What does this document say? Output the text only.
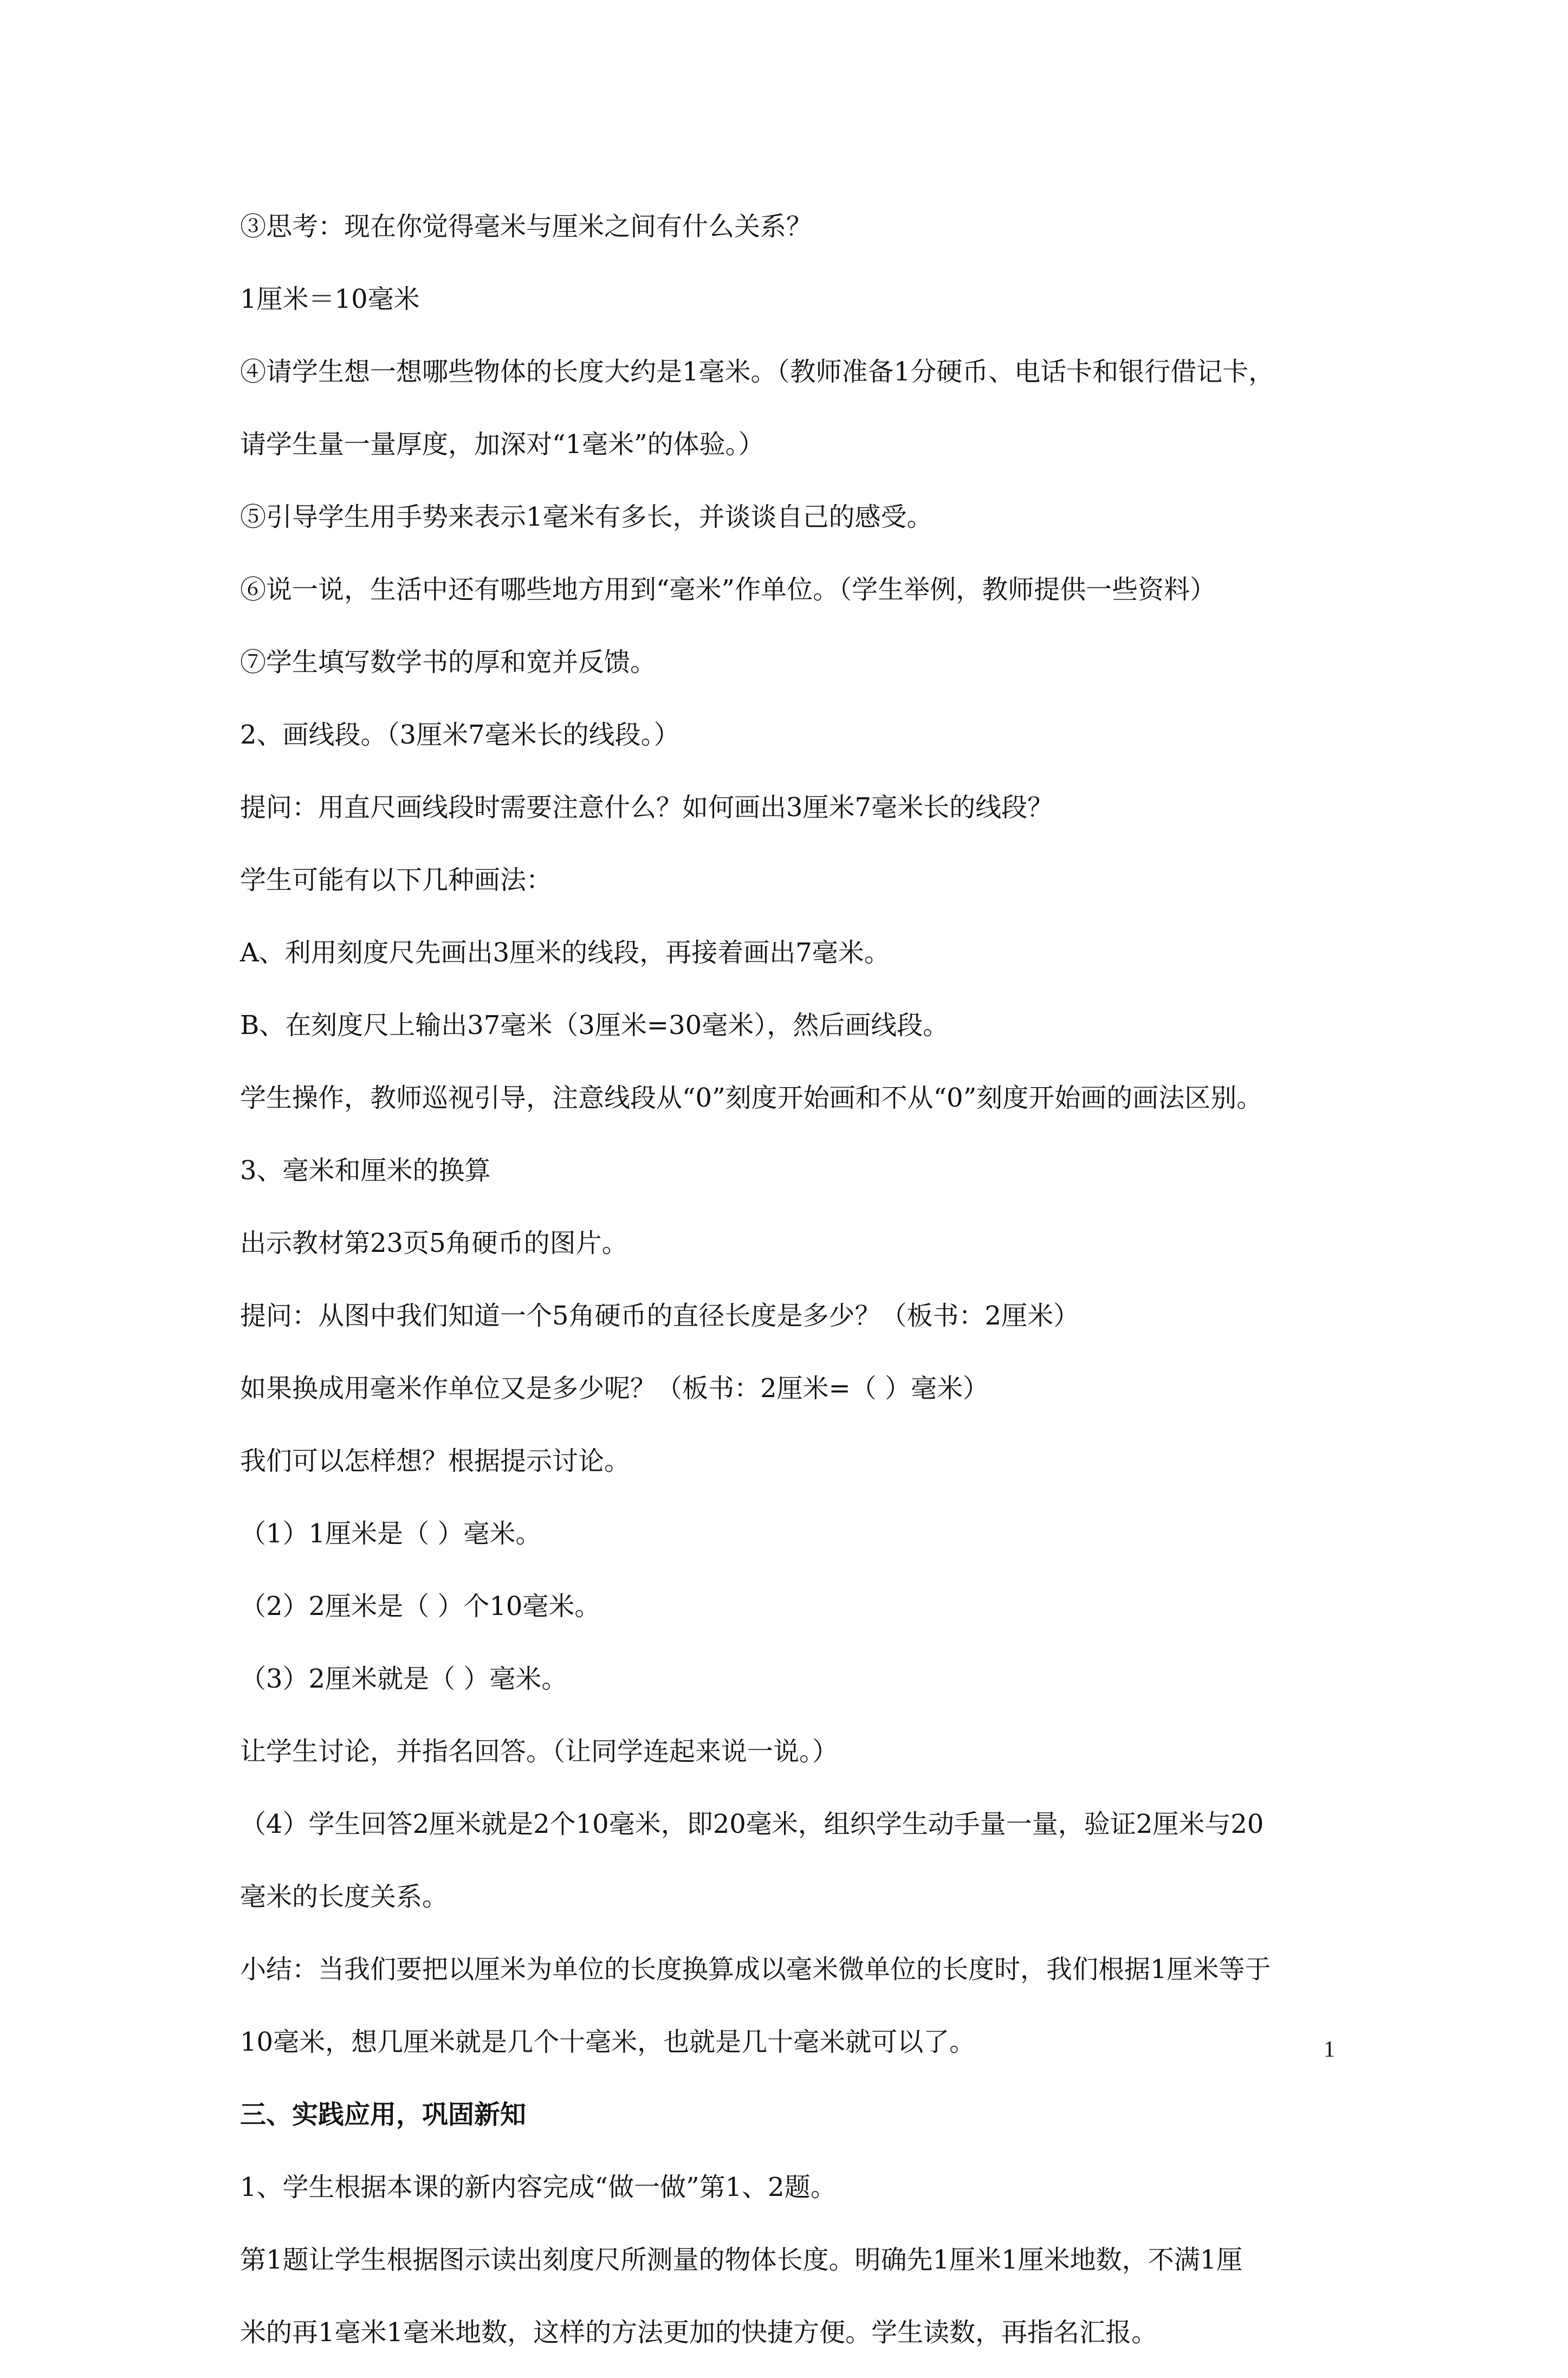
③思考：现在你觉得毫米与厘米之间有什么关系？
1厘米＝10毫米
④请学生想一想哪些物体的长度大约是1毫米。（教师准备1分硬币、电话卡和银行借记卡，
请学生量一量厚度，加深对“1毫米”的体验。）
⑤引导学生用手势来表示1毫米有多长，并谈谈自己的感受。
⑥说一说，生活中还有哪些地方用到“毫米”作单位。（学生举例，教师提供一些资料）
⑦学生填写数学书的厚和宽并反馈。
2、画线段。（3厘米7毫米长的线段。）
提问：用直尺画线段时需要注意什么？如何画出3厘米7毫米长的线段？
学生可能有以下几种画法：
A、利用刻度尺先画出3厘米的线段，再接着画出7毫米。
B、在刻度尺上输出37毫米（3厘米=30毫米），然后画线段。
学生操作，教师巡视引导，注意线段从“0”刻度开始画和不从“0”刻度开始画的画法区别。
3、毫米和厘米的换算
出示教材第23页5角硬币的图片。
提问：从图中我们知道一个5角硬币的直径长度是多少？（板书：2厘米）
如果换成用毫米作单位又是多少呢？（板书：2厘米=（ ）毫米）
我们可以怎样想？根据提示讨论。
（1）1厘米是（ ）毫米。
（2）2厘米是（ ）个10毫米。
（3）2厘米就是（ ）毫米。
让学生讨论，并指名回答。（让同学连起来说一说。）
（4）学生回答2厘米就是2个10毫米，即20毫米，组织学生动手量一量，验证2厘米与20
毫米的长度关系。
小结：当我们要把以厘米为单位的长度换算成以毫米微单位的长度时，我们根据1厘米等于
10毫米，想几厘米就是几个十毫米，也就是几十毫米就可以了。
三、实践应用，巩固新知
1、学生根据本课的新内容完成“做一做”第1、2题。
第1题让学生根据图示读出刻度尺所测量的物体长度。明确先1厘米1厘米地数，不满1厘
米的再1毫米1毫米地数，这样的方法更加的快捷方便。学生读数，再指名汇报。
1
